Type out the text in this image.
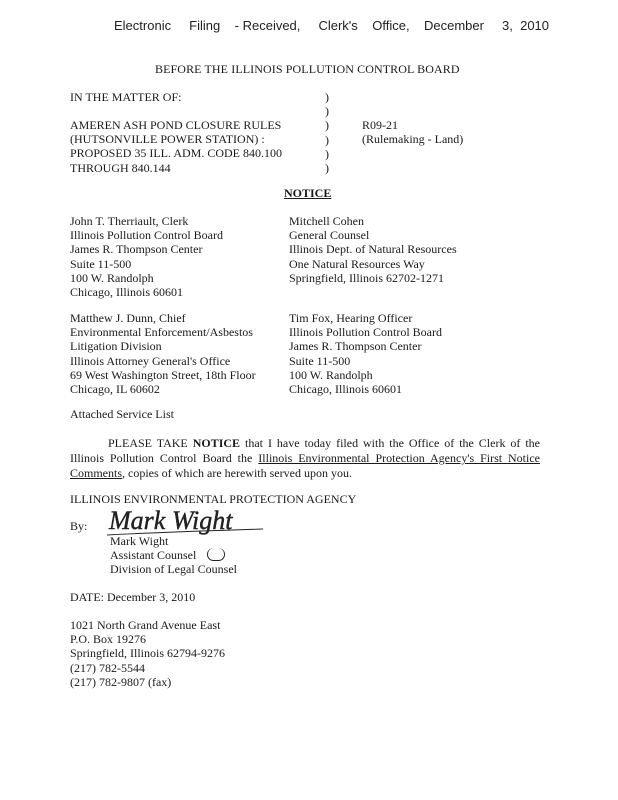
Electronic     Filing    - Received,     Clerk's    Office,    December     3,  2010
BEFORE THE ILLINOIS POLLUTION CONTROL BOARD
IN THE MATTER OF:
AMEREN ASH POND CLOSURE RULES
(HUTSONVILLE POWER STATION) :
PROPOSED 35 ILL. ADM. CODE 840.100
THROUGH 840.144
)
)
)
)
)
)
R09-21
(Rulemaking - Land)
NOTICE
John T. Therriault, Clerk
Illinois Pollution Control Board
James R. Thompson Center
Suite 11-500
100 W. Randolph
Chicago, Illinois 60601
Mitchell Cohen
General Counsel
Illinois Dept. of Natural Resources
One Natural Resources Way
Springfield, Illinois 62702-1271
Matthew J. Dunn, Chief
Environmental Enforcement/Asbestos
Litigation Division
Illinois Attorney General's Office
69 West Washington Street, 18th Floor
Chicago, IL 60602
Tim Fox, Hearing Officer
Illinois Pollution Control Board
James R. Thompson Center
Suite 11-500
100 W. Randolph
Chicago, Illinois 60601
Attached Service List
PLEASE TAKE NOTICE that I have today filed with the Office of the Clerk of the Illinois Pollution Control Board the Illinois Environmental Protection Agency's First Notice Comments, copies of which are herewith served upon you.
ILLINOIS ENVIRONMENTAL PROTECTION AGENCY
By: Mark Wight
Mark Wight
Assistant Counsel
Division of Legal Counsel
DATE: December 3, 2010
1021 North Grand Avenue East
P.O. Box 19276
Springfield, Illinois 62794-9276
(217) 782-5544
(217) 782-9807 (fax)
